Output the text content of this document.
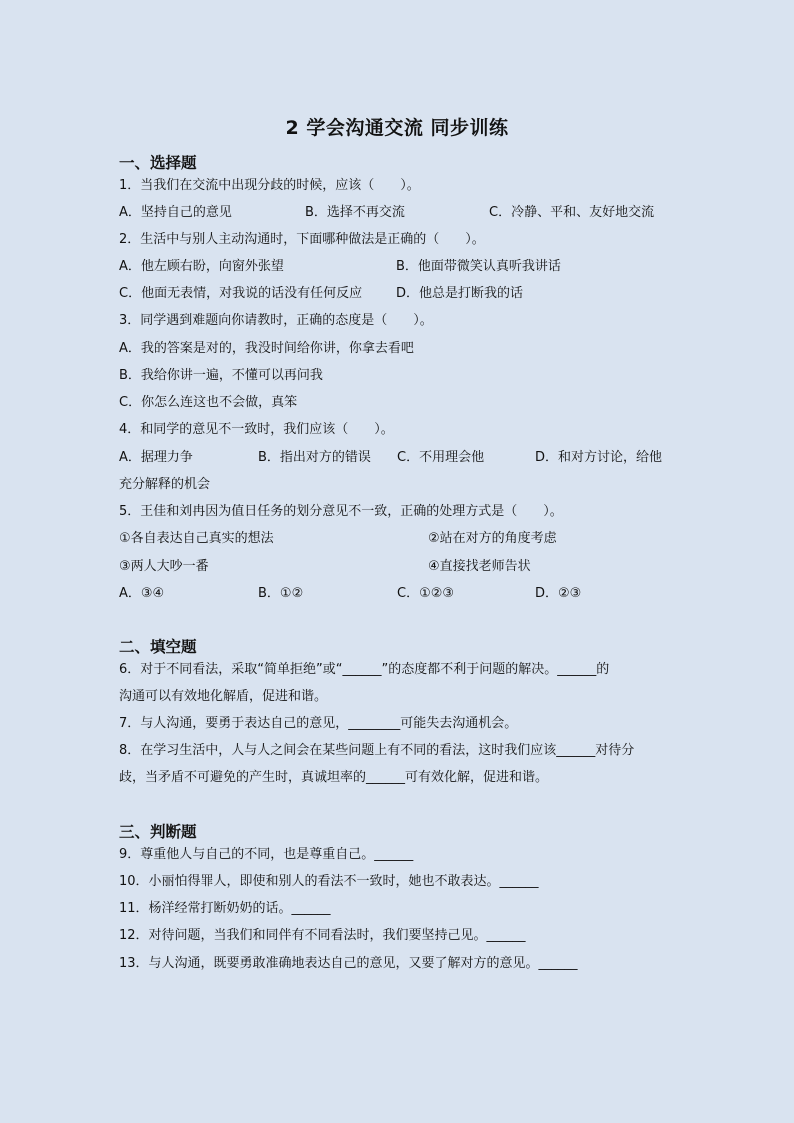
2 学会沟通交流 同步训练
一、选择题
1．当我们在交流中出现分歧的时候，应该（　　）。
A．坚持自己的意见	B．选择不再交流	C．冷静、平和、友好地交流
2．生活中与别人主动沟通时，下面哪种做法是正确的（　　）。
A．他左顾右盼，向窗外张望	B．他面带微笑认真听我讲话
C．他面无表情，对我说的话没有任何反应	D．他总是打断我的话
3．同学遇到难题向你请教时，正确的态度是（　　）。
A．我的答案是对的，我没时间给你讲，你拿去看吧
B．我给你讲一遍，不懂可以再问我
C．你怎么连这也不会做，真笨
4．和同学的意见不一致时，我们应该（　　）。
A．据理力争	B．指出对方的错误 C．不用理会他	D．和对方讨论，给他
充分解释的机会
5．王佳和刘冉因为值日任务的划分意见不一致，正确的处理方式是（　　）。
①各自表达自己真实的想法	②站在对方的角度考虑
③两人大吵一番	④直接找老师告状
A．③④	B．①②	C．①②③	D．②③
二、填空题
6．对于不同看法，采取“简单拒绝”或“______”的态度都不利于问题的解决。______的
沟通可以有效地化解盾，促进和谐。
7．与人沟通，要勇于表达自己的意见，________可能失去沟通机会。
8．在学习生活中，人与人之间会在某些问题上有不同的看法，这时我们应该______对待分
歧，当矛盾不可避免的产生时，真诚坦率的______可有效化解，促进和谐。
三、判断题
9．尊重他人与自己的不同，也是尊重自己。______
10．小丽怕得罪人，即使和别人的看法不一致时，她也不敢表达。______
11．杨洋经常打断奶奶的话。______
12．对待问题，当我们和同伴有不同看法时，我们要坚持己见。______
13．与人沟通，既要勇敢准确地表达自己的意见，又要了解对方的意见。______
